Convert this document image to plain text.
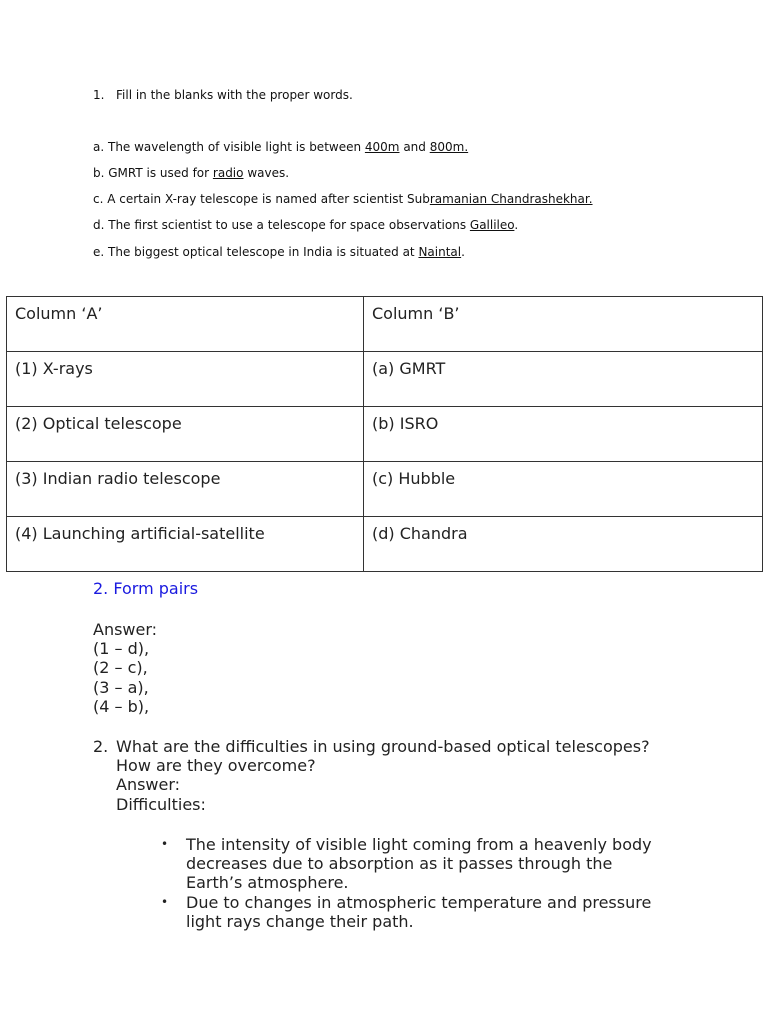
1. Fill in the blanks with the proper words.
a. The wavelength of visible light is between 400m and 800m.
b. GMRT is used for radio waves.
c. A certain X-ray telescope is named after scientist Subramanian Chandrashekhar.
d. The first scientist to use a telescope for space observations Gallileo.
e. The biggest optical telescope in India is situated at Naintal.
Column ‘A’	Column ‘B’
(1) X-rays	(a) GMRT
(2) Optical telescope	(b) ISRO
(3) Indian radio telescope	(c) Hubble
(4) Launching artificial-satellite	(d) Chandra
2. Form pairs
Answer:
(1 – d),
(2 – c),
(3 – a),
(4 – b),
2. What are the difficulties in using ground-based optical telescopes? How are they overcome?
Answer:
Difficulties:
• The intensity of visible light coming from a heavenly body decreases due to absorption as it passes through the Earth’s atmosphere.
• Due to changes in atmospheric temperature and pressure light rays change their path.
